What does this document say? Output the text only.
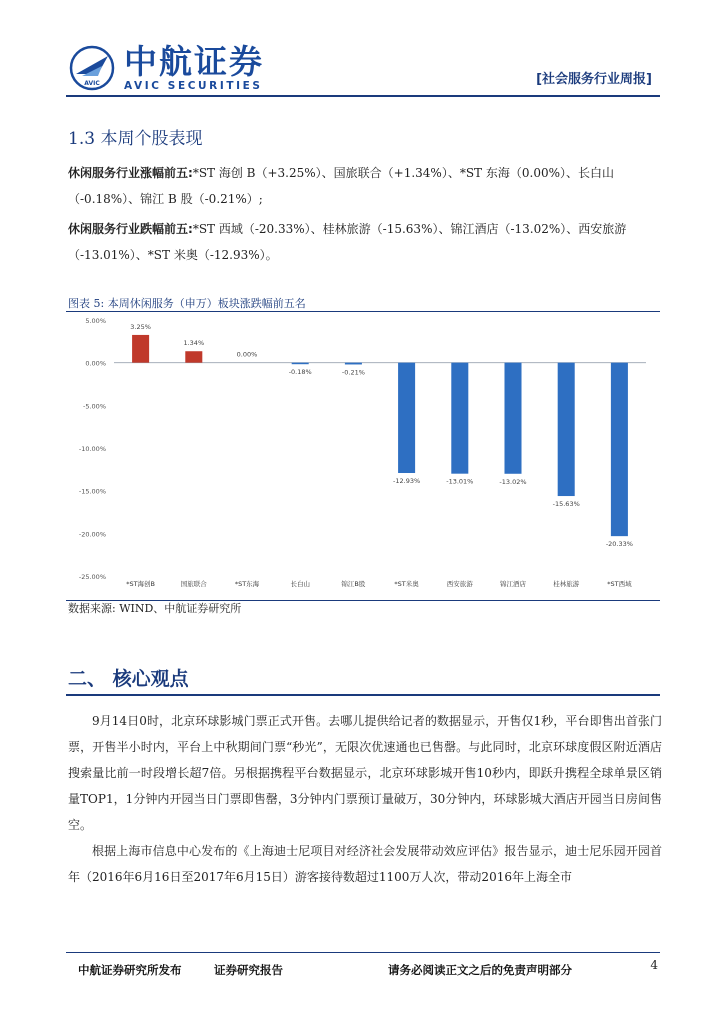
AVIC
中航证券
AVIC SECURITIES	[社会服务行业周报]
1.3 本周个股表现
休闲服务行业涨幅前五:*ST 海创 B（+3.25%）、国旅联合（+1.34%）、*ST 东海（0.00%）、长白山（-0.18%）、锦江 B 股（-0.21%）;
休闲服务行业跌幅前五:*ST 西域（-20.33%）、桂林旅游（-15.63%）、锦江酒店（-13.02%）、西安旅游（-13.01%）、*ST 米奥（-12.93%）。
图表 5: 本周休闲服务（申万）板块涨跌幅前五名
5.00%
0.00%
-5.00%
-10.00%
-15.00%
-20.00%
-25.00%
3.25%
*ST海创B
1.34%
国旅联合
0.00%
*ST东海
-0.18%
长白山
-0.21%
锦江B股
-12.93%
*ST米奥
-13.01%
西安旅游
-13.02%
锦江酒店
-15.63%
桂林旅游
-20.33%
*ST西域
数据来源: WIND、中航证券研究所
二、 核心观点
9月14日0时，北京环球影城门票正式开售。去哪儿提供给记者的数据显示，开售仅1秒，平台即售出首张门票，开售半小时内，平台上中秋期间门票“秒光”，无限次优速通也已售罄。与此同时，北京环球度假区附近酒店搜索量比前一时段增长超7倍。另根据携程平台数据显示，北京环球影城开售10秒内，即跃升携程全球单景区销量TOP1，1分钟内开园当日门票即售罄，3分钟内门票预订量破万，30分钟内，环球影城大酒店开园当日房间售空。
根据上海市信息中心发布的《上海迪士尼项目对经济社会发展带动效应评估》报告显示，迪士尼乐园开园首年（2016年6月16日至2017年6月15日）游客接待数超过1100万人次，带动2016年上海全市
中航证券研究所发布	证券研究报告	请务必阅读正文之后的免责声明部分	4
